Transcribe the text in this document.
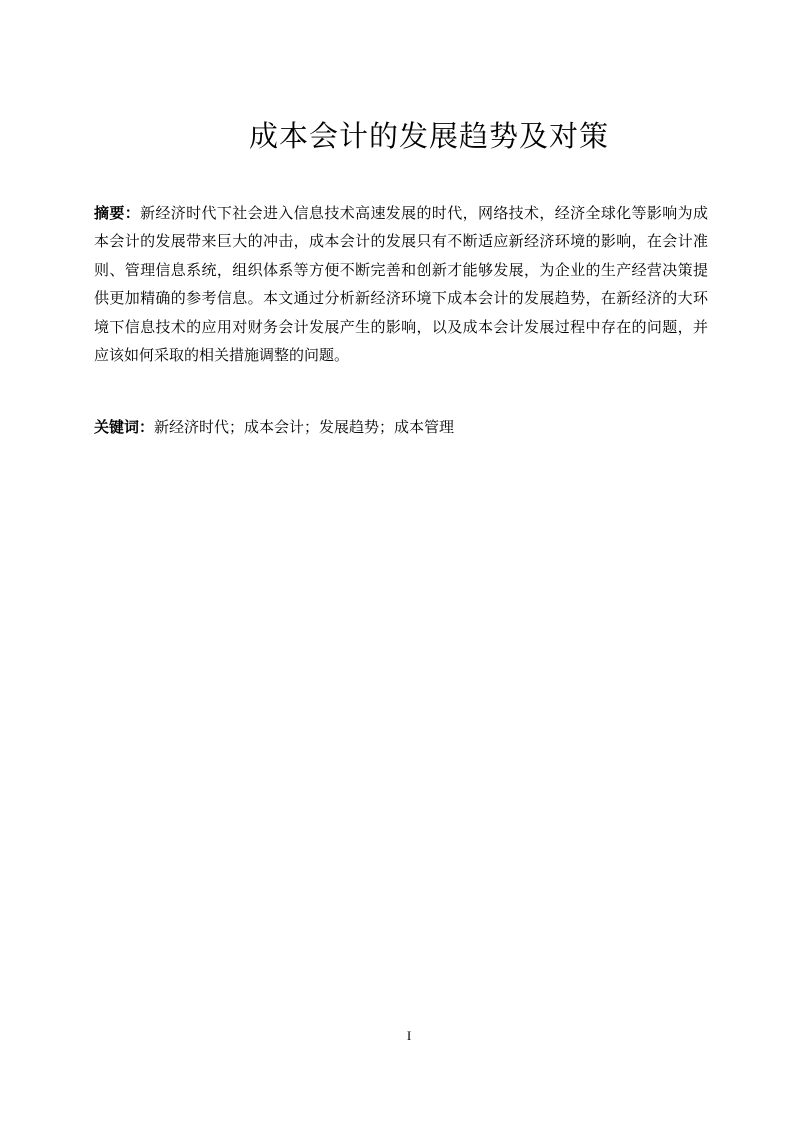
成本会计的发展趋势及对策

摘要：新经济时代下社会进入信息技术高速发展的时代，网络技术，经济全球化等影响为成本会计的发展带来巨大的冲击，成本会计的发展只有不断适应新经济环境的影响，在会计准则、管理信息系统，组织体系等方便不断完善和创新才能够发展，为企业的生产经营决策提供更加精确的参考信息。本文通过分析新经济环境下成本会计的发展趋势，在新经济的大环境下信息技术的应用对财务会计发展产生的影响，以及成本会计发展过程中存在的问题，并应该如何采取的相关措施调整的问题。

关键词：新经济时代；成本会计；发展趋势；成本管理

I
